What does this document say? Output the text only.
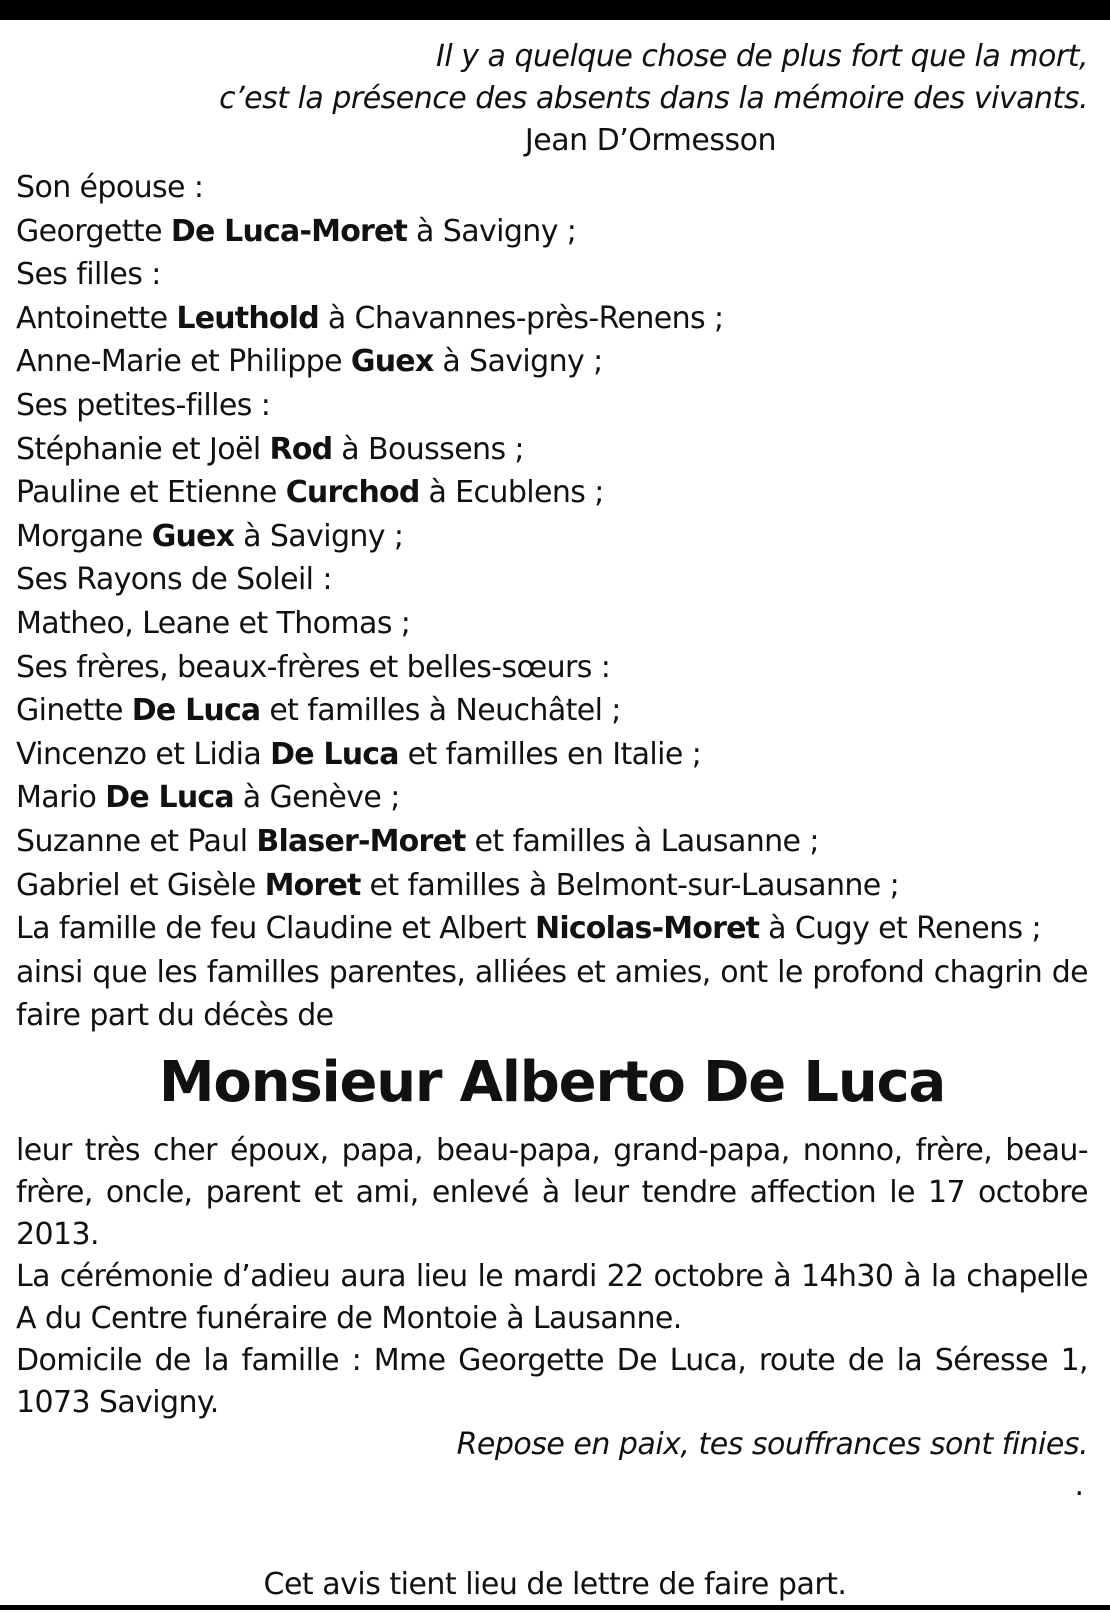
Il y a quelque chose de plus fort que la mort,
c’est la présence des absents dans la mémoire des vivants.
Jean D’Ormesson
Son épouse :
Georgette De Luca-Moret à Savigny ;
Ses filles :
Antoinette Leuthold à Chavannes-près-Renens ;
Anne-Marie et Philippe Guex à Savigny ;
Ses petites-filles :
Stéphanie et Joël Rod à Boussens ;
Pauline et Etienne Curchod à Ecublens ;
Morgane Guex à Savigny ;
Ses Rayons de Soleil :
Matheo, Leane et Thomas ;
Ses frères, beaux-frères et belles-sœurs :
Ginette De Luca et familles à Neuchâtel ;
Vincenzo et Lidia De Luca et familles en Italie ;
Mario De Luca à Genève ;
Suzanne et Paul Blaser-Moret et familles à Lausanne ;
Gabriel et Gisèle Moret et familles à Belmont-sur-Lausanne ;
La famille de feu Claudine et Albert Nicolas-Moret à Cugy et Renens ;
ainsi que les familles parentes, alliées et amies, ont le profond chagrin de faire part du décès de
Monsieur Alberto De Luca

leur très cher époux, papa, beau-papa, grand-papa, nonno, frère, beau-frère, oncle, parent et ami, enlevé à leur tendre affection le 17 octobre 2013.

La cérémonie d’adieu aura lieu le mardi 22 octobre à 14h30 à la chapelle A du Centre funéraire de Montoie à Lausanne.

Domicile de la famille : Mme Georgette De Luca, route de la Séresse 1, 1073 Savigny.

Repose en paix, tes souffrances sont finies.
.
Cet avis tient lieu de lettre de faire part.
